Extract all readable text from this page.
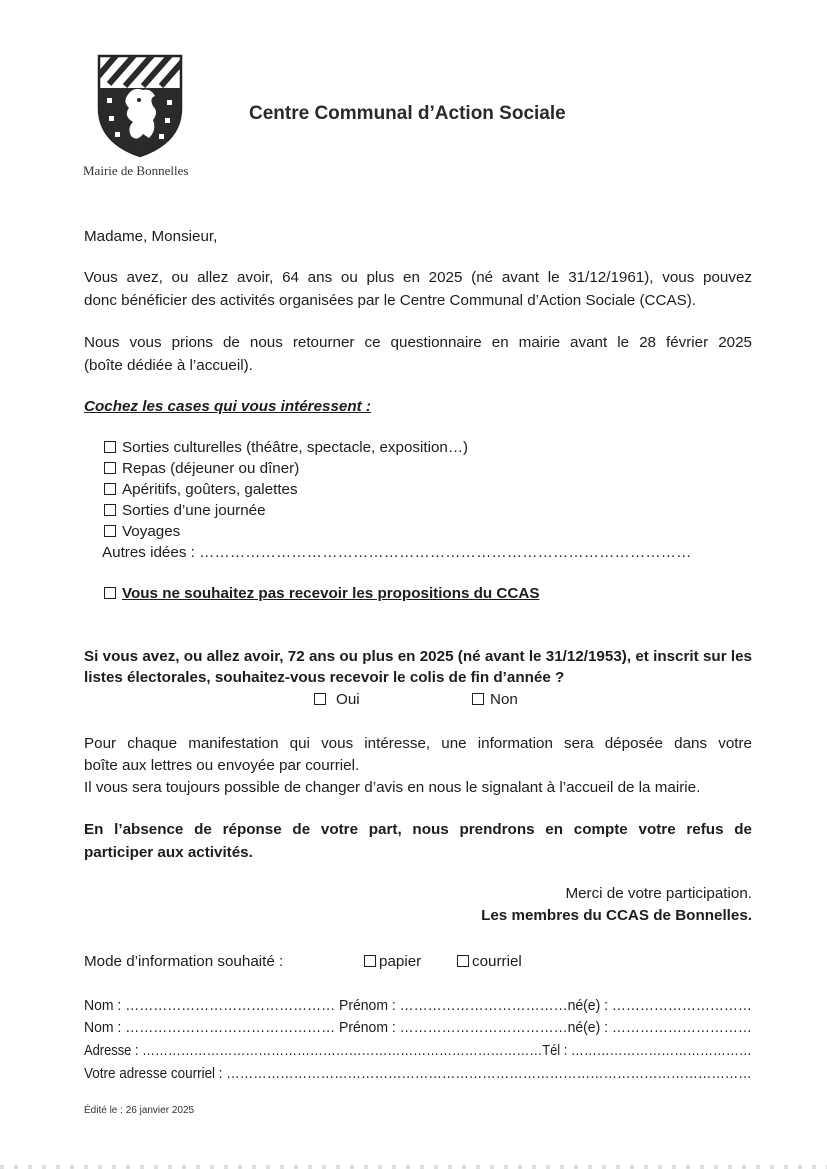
Mairie de Bonnelles
Centre Communal d’Action Sociale
Madame, Monsieur,
Vous avez, ou allez avoir, 64 ans ou plus en 2025 (né avant le 31/12/1961), vous pouvez
donc bénéficier des activités organisées par le Centre Communal d’Action Sociale (CCAS).
Nous vous prions de nous retourner ce questionnaire en mairie avant le 28 février 2025
(boîte dédiée à l’accueil).
Cochez les cases qui vous intéressent :
Sorties culturelles (théâtre, spectacle, exposition…)
Repas (déjeuner ou dîner)
Apéritifs, goûters, galettes
Sorties d’une journée
Voyages
Autres idées : ……………………………………………………………………………………
Vous ne souhaitez pas recevoir les propositions du CCAS
Si vous avez, ou allez avoir, 72 ans ou plus en 2025 (né avant le 31/12/1953), et inscrit sur les
listes électorales, souhaitez-vous recevoir le colis de fin d’année ?
Oui	Non
Pour chaque manifestation qui vous intéresse, une information sera déposée dans votre
boîte aux lettres ou envoyée par courriel.
Il vous sera toujours possible de changer d’avis en nous le signalant à l’accueil de la mairie.
En l’absence de réponse de votre part, nous prendrons en compte votre refus de
participer aux activités.
Merci de votre participation.
Les membres du CCAS de Bonnelles.
Mode d’information souhaité :	papier	courriel
Nom : ……………………………………… Prénom : ………………………………né(e) : …………………………
Nom : ……………………………………… Prénom : ………………………………né(e) : …………………………
Adresse : …………………………………………………………………………………Tél : ……………………………………
Votre adresse courriel : ………………………………………………………………………………………………………
Édité le : 26 janvier 2025
